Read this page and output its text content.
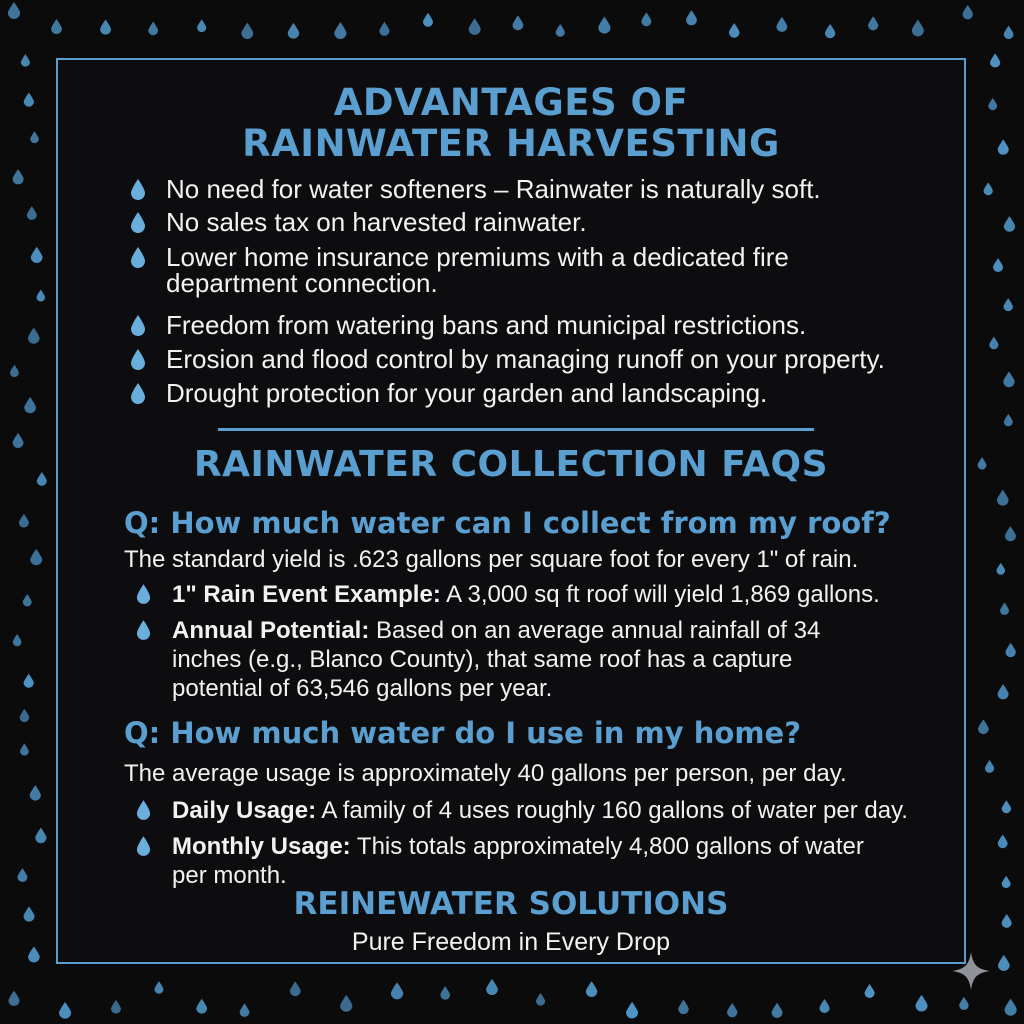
ADVANTAGES OF
RAINWATER HARVESTING
No need for water softeners – Rainwater is naturally soft.
No sales tax on harvested rainwater.
Lower home insurance premiums with a dedicated fire
department connection.
Freedom from watering bans and municipal restrictions.
Erosion and flood control by managing runoff on your property.
Drought protection for your garden and landscaping.
RAINWATER COLLECTION FAQS
Q: How much water can I collect from my roof?
The standard yield is .623 gallons per square foot for every 1" of rain.
1" Rain Event Example: A 3,000 sq ft roof will yield 1,869 gallons.
Annual Potential: Based on an average annual rainfall of 34
inches (e.g., Blanco County), that same roof has a capture
potential of 63,546 gallons per year.
Q: How much water do I use in my home?
The average usage is approximately 40 gallons per person, per day.
Daily Usage: A family of 4 uses roughly 160 gallons of water per day.
Monthly Usage: This totals approximately 4,800 gallons of water
per month.
REINEWATER SOLUTIONS
Pure Freedom in Every Drop
